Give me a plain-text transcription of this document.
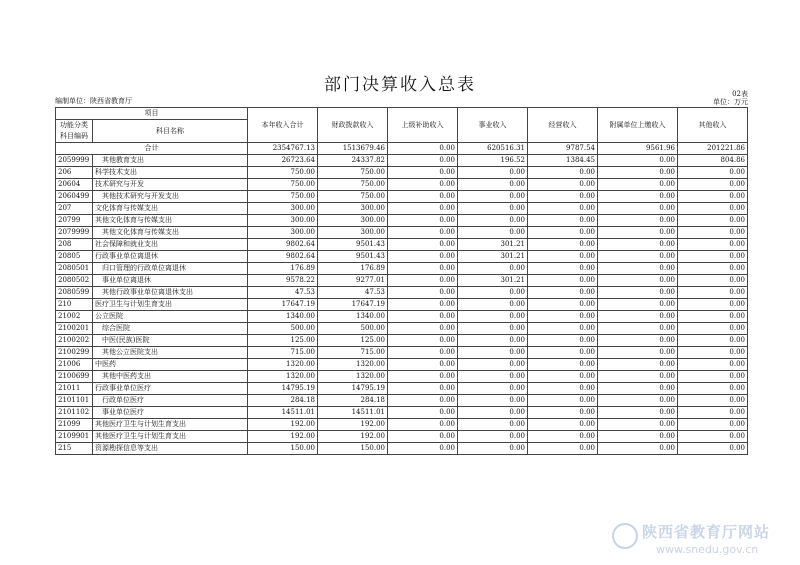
部门决算收入总表	02表
编制单位：陕西省教育厅	单位：万元
项目		本年收入合计	财政拨款收入	上级补助收入	事业收入	经营收入	附属单位上缴收入	其他收入
功能分类科目编码	科目名称							
合计		2354767.13	1513679.46	0.00	620516.31	9787.54	9561.96	201221.86
2059999	其他教育支出	26723.64	24337.82	0.00	196.52	1384.45	0.00	804.86
206	科学技术支出	750.00	750.00	0.00	0.00	0.00	0.00	0.00
20604	技术研究与开发	750.00	750.00	0.00	0.00	0.00	0.00	0.00
2060499	其他技术研究与开发支出	750.00	750.00	0.00	0.00	0.00	0.00	0.00
207	文化体育与传媒支出	300.00	300.00	0.00	0.00	0.00	0.00	0.00
20799	其他文化体育与传媒支出	300.00	300.00	0.00	0.00	0.00	0.00	0.00
2079999	其他文化体育与传媒支出	300.00	300.00	0.00	0.00	0.00	0.00	0.00
208	社会保障和就业支出	9802.64	9501.43	0.00	301.21	0.00	0.00	0.00
20805	行政事业单位离退休	9802.64	9501.43	0.00	301.21	0.00	0.00	0.00
2080501	归口管理的行政单位离退休	176.89	176.89	0.00	0.00	0.00	0.00	0.00
2080502	事业单位离退休	9578.22	9277.01	0.00	301.21	0.00	0.00	0.00
2080599	其他行政事业单位离退休支出	47.53	47.53	0.00	0.00	0.00	0.00	0.00
210	医疗卫生与计划生育支出	17647.19	17647.19	0.00	0.00	0.00	0.00	0.00
21002	公立医院	1340.00	1340.00	0.00	0.00	0.00	0.00	0.00
2100201	综合医院	500.00	500.00	0.00	0.00	0.00	0.00	0.00
2100202	中医(民族)医院	125.00	125.00	0.00	0.00	0.00	0.00	0.00
2100299	其他公立医院支出	715.00	715.00	0.00	0.00	0.00	0.00	0.00
21006	中医药	1320.00	1320.00	0.00	0.00	0.00	0.00	0.00
2100699	其他中医药支出	1320.00	1320.00	0.00	0.00	0.00	0.00	0.00
21011	行政事业单位医疗	14795.19	14795.19	0.00	0.00	0.00	0.00	0.00
2101101	行政单位医疗	284.18	284.18	0.00	0.00	0.00	0.00	0.00
2101102	事业单位医疗	14511.01	14511.01	0.00	0.00	0.00	0.00	0.00
21099	其他医疗卫生与计划生育支出	192.00	192.00	0.00	0.00	0.00	0.00	0.00
2109901	其他医疗卫生与计划生育支出	192.00	192.00	0.00	0.00	0.00	0.00	0.00
215	资源勘探信息等支出	150.00	150.00	0.00	0.00	0.00	0.00	0.00
陕西省教育厅网站
www.snedu.gov.cn
